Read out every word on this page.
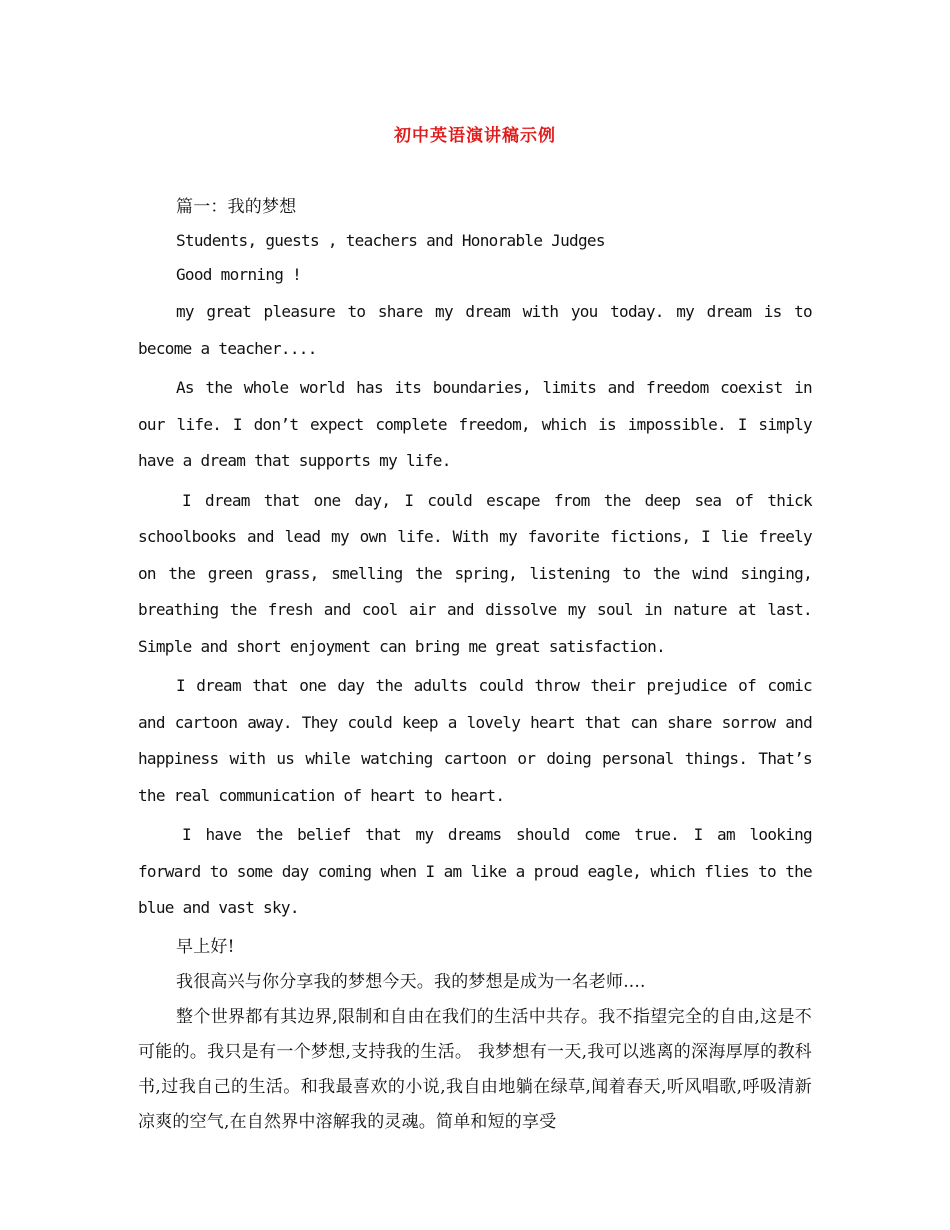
初中英语演讲稿示例

篇一：我的梦想

Students, guests , teachers and Honorable Judges

Good morning !

my great pleasure to share my dream with you today. my dream is to become a teacher....

As the whole world has its boundaries, limits and freedom coexist in our life. I don’t expect complete freedom, which is impossible. I simply have a dream that supports my life.

I dream that one day, I could escape from the deep sea of thick schoolbooks and lead my own life. With my favorite fictions, I lie freely on the green grass, smelling the spring, listening to the wind singing, breathing the fresh and cool air and dissolve my soul in nature at last. Simple and short enjoyment can bring me great satisfaction.

I dream that one day the adults could throw their prejudice of comic and cartoon away. They could keep a lovely heart that can share sorrow and happiness with us while watching cartoon or doing personal things. That’s the real communication of heart to heart.

I have the belief that my dreams should come true. I am looking forward to some day coming when I am like a proud eagle, which flies to the blue and vast sky.

早上好!

我很高兴与你分享我的梦想今天。我的梦想是成为一名老师....

整个世界都有其边界,限制和自由在我们的生活中共存。我不指望完全的自由,这是不可能的。我只是有一个梦想,支持我的生活。 我梦想有一天,我可以逃离的深海厚厚的教科书,过我自己的生活。和我最喜欢的小说,我自由地躺在绿草,闻着春天,听风唱歌,呼吸清新凉爽的空气,在自然界中溶解我的灵魂。简单和短的享受
